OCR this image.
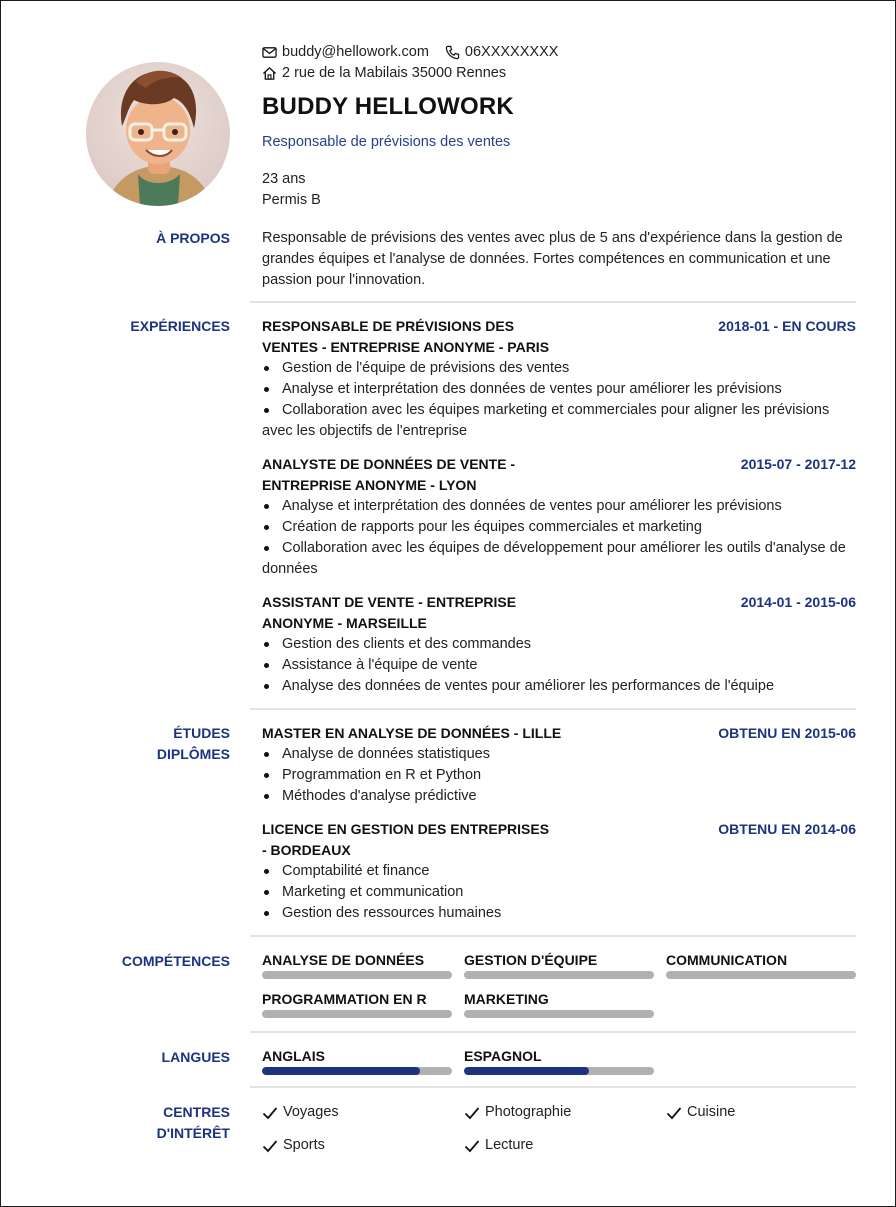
buddy@hellowork.com 06XXXXXXXX
2 rue de la Mabilais 35000 Rennes
BUDDY HELLOWORK
Responsable de prévisions des ventes
23 ans
Permis B
À PROPOS Responsable de prévisions des ventes avec plus de 5 ans d'expérience dans la gestion de grandes équipes et l'analyse de données. Fortes compétences en communication et une passion pour l'innovation.
EXPÉRIENCES RESPONSABLE DE PRÉVISIONS DES VENTES - ENTREPRISE ANONYME - PARIS
2018-01 - EN COURS
Gestion de l'équipe de prévisions des ventes
Analyse et interprétation des données de ventes pour améliorer les prévisions
Collaboration avec les équipes marketing et commerciales pour aligner les prévisions avec les objectifs de l'entreprise
ANALYSTE DE DONNÉES DE VENTE - ENTREPRISE ANONYME - LYON
2015-07 - 2017-12
Analyse et interprétation des données de ventes pour améliorer les prévisions
Création de rapports pour les équipes commerciales et marketing
Collaboration avec les équipes de développement pour améliorer les outils d'analyse de données
ASSISTANT DE VENTE - ENTREPRISE ANONYME - MARSEILLE
2014-01 - 2015-06
Gestion des clients et des commandes
Assistance à l'équipe de vente
Analyse des données de ventes pour améliorer les performances de l'équipe
ÉTUDES
DIPLÔMES
MASTER EN ANALYSE DE DONNÉES - LILLE	OBTENU EN 2015-06
Analyse de données statistiques
Programmation en R et Python
Méthodes d'analyse prédictive
LICENCE EN GESTION DES ENTREPRISES - BORDEAUX
OBTENU EN 2014-06
Comptabilité et finance
Marketing et communication
Gestion des ressources humaines
COMPÉTENCES ANALYSE DE DONNÉES	GESTION D'ÉQUIPE	COMMUNICATION
PROGRAMMATION EN R	MARKETING
LANGUES ANGLAIS	ESPAGNOL
CENTRES
D'INTÉRÊT
Voyages	Photographie	Cuisine
Sports	Lecture
